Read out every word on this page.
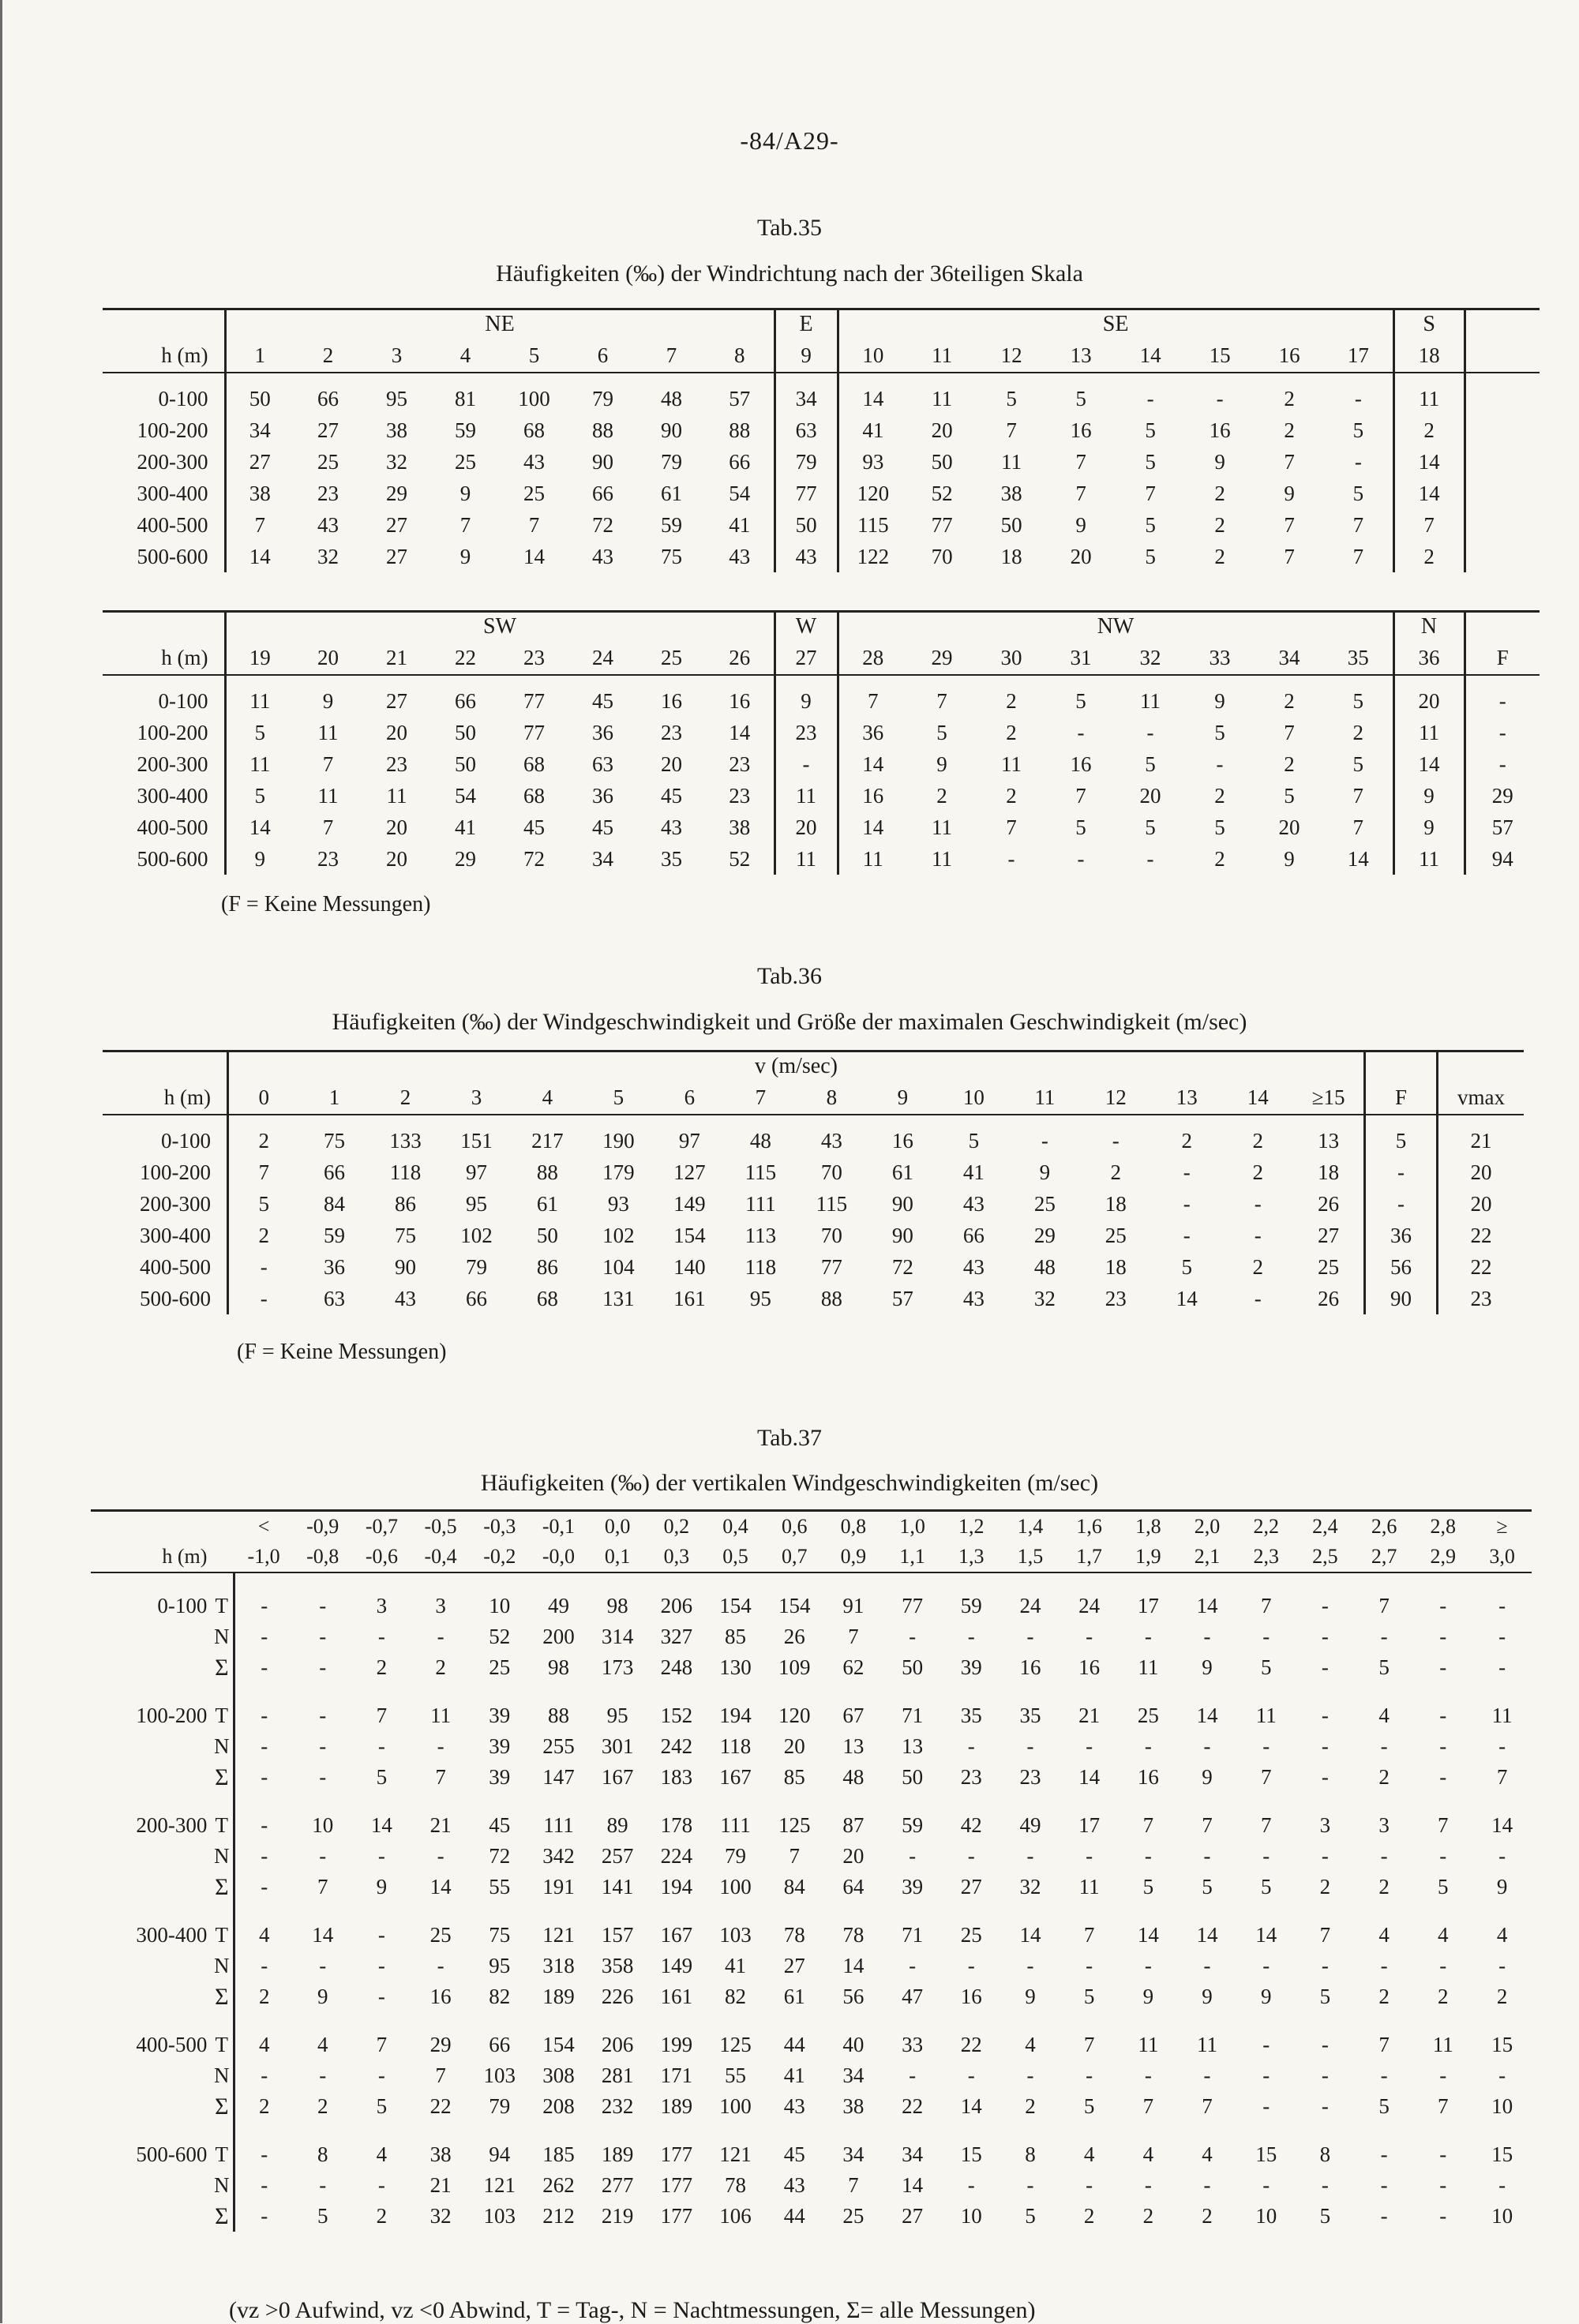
-84/A29-
Tab.35
Häufigkeiten (‰) der Windrichtung nach der 36teiligen Skala
	NE								E	SE								S	
h (m)	1	2	3	4	5	6	7	8	9	10	11	12	13	14	15	16	17	18	

0-100	50	66	95	81	100	79	48	57	34	14	11	5	5	-	-	2	-	11	
100-200	34	27	38	59	68	88	90	88	63	41	20	7	16	5	16	2	5	2	
200-300	27	25	32	25	43	90	79	66	79	93	50	11	7	5	9	7	-	14	
300-400	38	23	29	9	25	66	61	54	77	120	52	38	7	7	2	9	5	14	
400-500	7	43	27	7	7	72	59	41	50	115	77	50	9	5	2	7	7	7	
500-600	14	32	27	9	14	43	75	43	43	122	70	18	20	5	2	7	7	2	
	SW								W	NW								N	
h (m)	19	20	21	22	23	24	25	26	27	28	29	30	31	32	33	34	35	36	F

0-100	11	9	27	66	77	45	16	16	9	7	7	2	5	11	9	2	5	20	-
100-200	5	11	20	50	77	36	23	14	23	36	5	2	-	-	5	7	2	11	-
200-300	11	7	23	50	68	63	20	23	-	14	9	11	16	5	-	2	5	14	-
300-400	5	11	11	54	68	36	45	23	11	16	2	2	7	20	2	5	7	9	29
400-500	14	7	20	41	45	45	43	38	20	14	11	7	5	5	5	20	7	9	57
500-600	9	23	20	29	72	34	35	52	11	11	11	-	-	-	2	9	14	11	94
(F = Keine Messungen)
Tab.36
Häufigkeiten (‰) der Windgeschwindigkeit und Größe der maximalen Geschwindigkeit (m/sec)
	v (m/sec)																	
h (m)	0	1	2	3	4	5	6	7	8	9	10	11	12	13	14	≥15	F	vmax

0-100	2	75	133	151	217	190	97	48	43	16	5	-	-	2	2	13	5	21
100-200	7	66	118	97	88	179	127	115	70	61	41	9	2	-	2	18	-	20
200-300	5	84	86	95	61	93	149	111	115	90	43	25	18	-	-	26	-	20
300-400	2	59	75	102	50	102	154	113	70	90	66	29	25	-	-	27	36	22
400-500	-	36	90	79	86	104	140	118	77	72	43	48	18	5	2	25	56	22
500-600	-	63	43	66	68	131	161	95	88	57	43	32	23	14	-	26	90	23
(F = Keine Messungen)
Tab.37
Häufigkeiten (‰) der vertikalen Windgeschwindigkeiten (m/sec)
		<	-0,9	-0,7	-0,5	-0,3	-0,1	0,0	0,2	0,4	0,6	0,8	1,0	1,2	1,4	1,6	1,8	2,0	2,2	2,4	2,6	2,8	≥
h (m)		-1,0	-0,8	-0,6	-0,4	-0,2	-0,0	0,1	0,3	0,5	0,7	0,9	1,1	1,3	1,5	1,7	1,9	2,1	2,3	2,5	2,7	2,9	3,0

0-100	T	-	-	3	3	10	49	98	206	154	154	91	77	59	24	24	17	14	7	-	7	-	-
	N	-	-	-	-	52	200	314	327	85	26	7	-	-	-	-	-	-	-	-	-	-	-
	Σ	-	-	2	2	25	98	173	248	130	109	62	50	39	16	16	11	9	5	-	5	-	-

100-200	T	-	-	7	11	39	88	95	152	194	120	67	71	35	35	21	25	14	11	-	4	-	11
	N	-	-	-	-	39	255	301	242	118	20	13	13	-	-	-	-	-	-	-	-	-	-
	Σ	-	-	5	7	39	147	167	183	167	85	48	50	23	23	14	16	9	7	-	2	-	7

200-300	T	-	10	14	21	45	111	89	178	111	125	87	59	42	49	17	7	7	7	3	3	7	14
	N	-	-	-	-	72	342	257	224	79	7	20	-	-	-	-	-	-	-	-	-	-	-
	Σ	-	7	9	14	55	191	141	194	100	84	64	39	27	32	11	5	5	5	2	2	5	9

300-400	T	4	14	-	25	75	121	157	167	103	78	78	71	25	14	7	14	14	14	7	4	4	4
	N	-	-	-	-	95	318	358	149	41	27	14	-	-	-	-	-	-	-	-	-	-	-
	Σ	2	9	-	16	82	189	226	161	82	61	56	47	16	9	5	9	9	9	5	2	2	2

400-500	T	4	4	7	29	66	154	206	199	125	44	40	33	22	4	7	11	11	-	-	7	11	15
	N	-	-	-	7	103	308	281	171	55	41	34	-	-	-	-	-	-	-	-	-	-	-
	Σ	2	2	5	22	79	208	232	189	100	43	38	22	14	2	5	7	7	-	-	5	7	10

500-600	T	-	8	4	38	94	185	189	177	121	45	34	34	15	8	4	4	4	15	8	-	-	15
	N	-	-	-	21	121	262	277	177	78	43	7	14	-	-	-	-	-	-	-	-	-	-
	Σ	-	5	2	32	103	212	219	177	106	44	25	27	10	5	2	2	2	10	5	-	-	10
(vz >0 Aufwind, vz <0 Abwind, T = Tag-, N = Nachtmessungen, Σ= alle Messungen)
